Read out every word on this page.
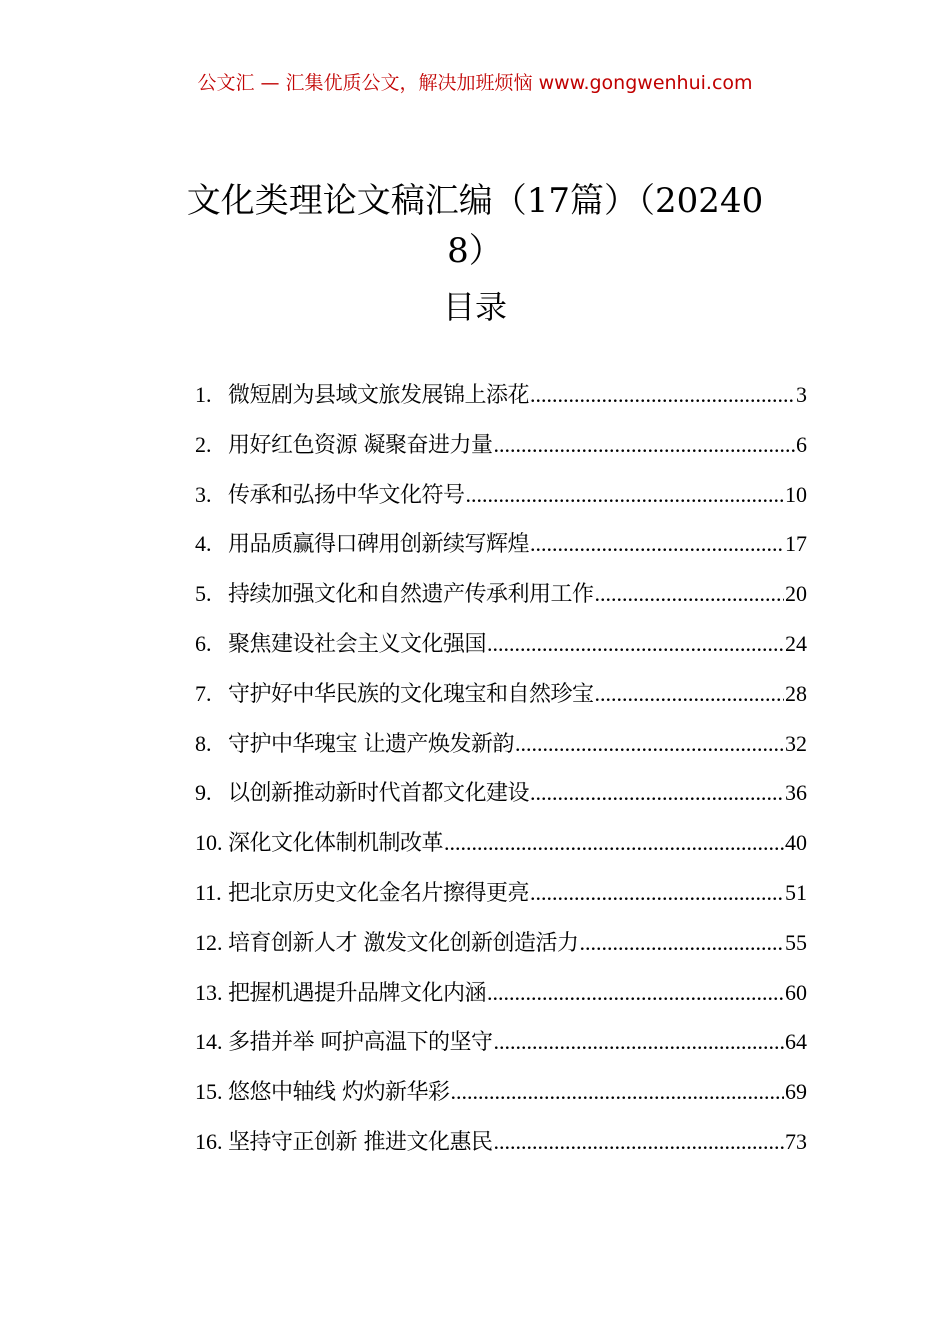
公文汇 — 汇集优质公文，解决加班烦恼 www.gongwenhui.com
文化类理论文稿汇编（17篇）（20240
8）
目录
1. 微短剧为县域文旅发展锦上添花 .....	3
2. 用好红色资源 凝聚奋进力量 .....	6
3. 传承和弘扬中华文化符号 .....	10
4. 用品质赢得口碑用创新续写辉煌 .....	17
5. 持续加强文化和自然遗产传承利用工作 .....	20
6. 聚焦建设社会主义文化强国 .....	24
7. 守护好中华民族的文化瑰宝和自然珍宝 .....	28
8. 守护中华瑰宝 让遗产焕发新韵 .....	32
9. 以创新推动新时代首都文化建设 .....	36
10. 深化文化体制机制改革 .....	40
11. 把北京历史文化金名片擦得更亮 .....	51
12. 培育创新人才 激发文化创新创造活力 .....	55
13. 把握机遇提升品牌文化内涵 .....	60
14. 多措并举 呵护高温下的坚守 .....	64
15. 悠悠中轴线 灼灼新华彩 .....	69
16. 坚持守正创新 推进文化惠民 .....	73
